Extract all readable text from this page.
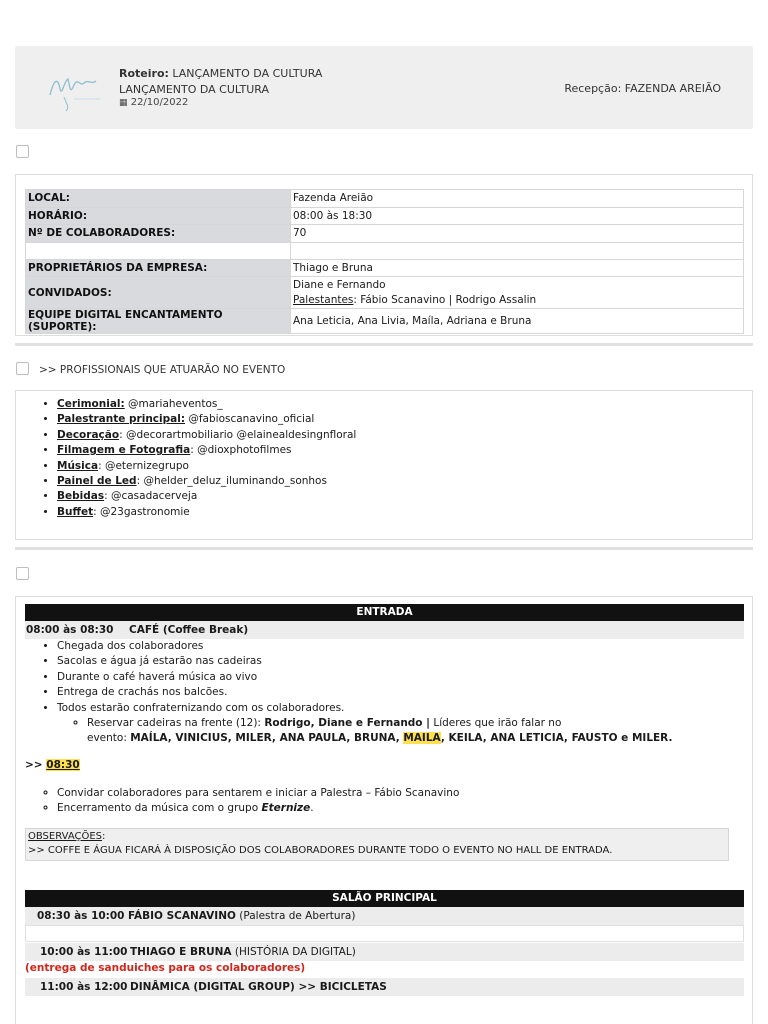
Roteiro: LANÇAMENTO DA CULTURA
LANÇAMENTO DA CULTURA
▦ 22/10/2022
Recepção: FAZENDA AREIÃO
LOCAL:	Fazenda Areião
HORÁRIO:	08:00 às 18:30
Nº DE COLABORADORES:	70

PROPRIETÁRIOS DA EMPRESA:	Thiago e Bruna
CONVIDADOS:	Diane e Fernando
Palestantes: Fábio Scanavino | Rodrigo Assalin

EQUIPE DIGITAL ENCANTAMENTO (SUPORTE):	Ana Leticia, Ana Livia, Maíla, Adriana e Bruna
>> PROFISSIONAIS QUE ATUARÃO NO EVENTO
• Cerimonial: @mariaheventos_
• Palestrante principal: @fabioscanavino_oficial
• Decoração: @decorartmobiliario @elainealdesingnfloral
• Filmagem e Fotografia: @dioxphotofilmes
• Música: @eternizegrupo
• Painel de Led: @helder_deluz_iluminando_sonhos
• Bebidas: @casadacerveja
• Buffet: @23gastronomie
ENTRADA
08:00 às 08:30 CAFÉ (Coffee Break)
• Chegada dos colaboradores
• Sacolas e água já estarão nas cadeiras
• Durante o café haverá música ao vivo
• Entrega de crachás nos balcões.
• Todos estarão confraternizando com os colaboradores.
◦ Reservar cadeiras na frente (12): Rodrigo, Diane e Fernando | Líderes que irão falar no
evento: MAÍLA, VINICIUS, MILER, ANA PAULA, BRUNA, MAILA, KEILA, ANA LETICIA, FAUSTO e MILER.
>> 08:30
◦ Convidar colaboradores para sentarem e iniciar a Palestra – Fábio Scanavino
◦ Encerramento da música com o grupo Eternize.
OBSERVAÇÕES:
>> COFFE E ÁGUA FICARÁ À DISPOSIÇÃO DOS COLABORADORES DURANTE TODO O EVENTO NO HALL DE ENTRADA.
SALÃO PRINCIPAL
08:30 às 10:00 FÁBIO SCANAVINO (Palestra de Abertura)
10:00 às 11:00 THIAGO E BRUNA (HISTÓRIA DA DIGITAL)
(entrega de sanduiches para os colaboradores)
11:00 às 12:00 DINÂMICA (DIGITAL GROUP) >> BICICLETAS
